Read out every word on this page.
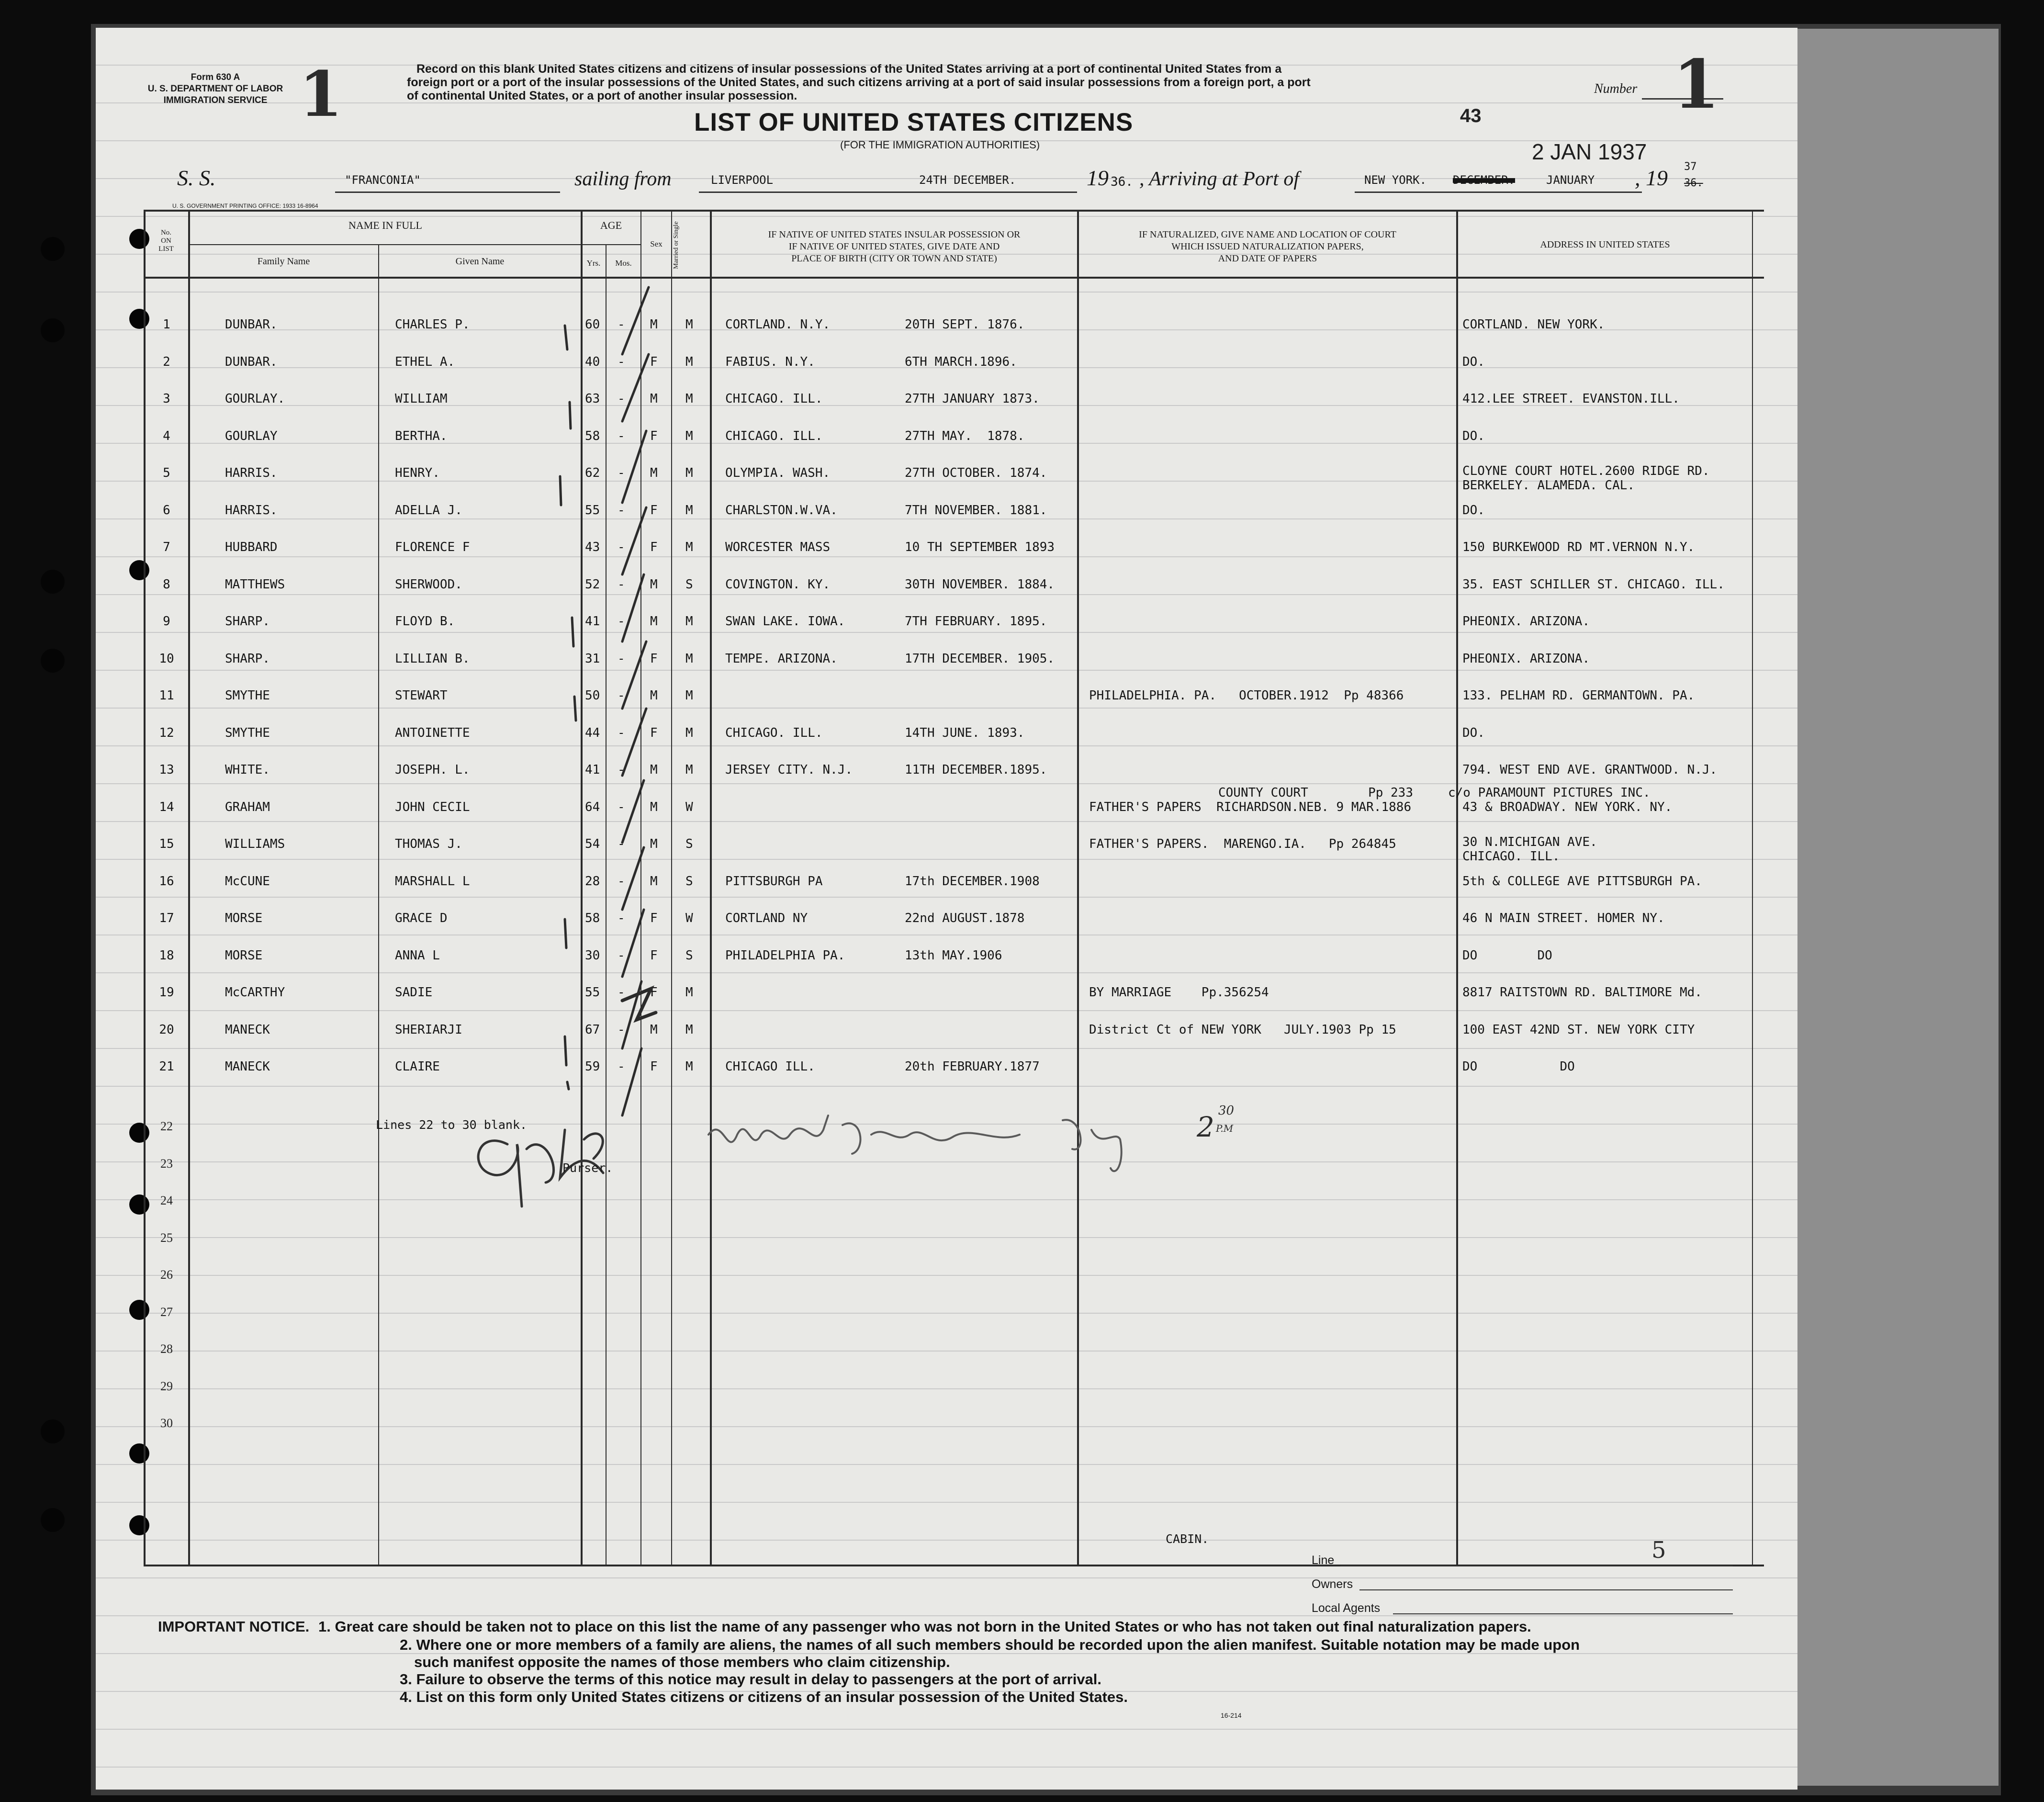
Form 630 A
U. S. DEPARTMENT OF LABOR
IMMIGRATION SERVICE 1	Record on this blank United States citizens and citizens of insular possessions of the United States arriving at a port of continental United States from a
foreign port or a port of the insular possessions of the United States, and such citizens arriving at a port of said insular possessions from a foreign port, a port
of continental United States, or a port of another insular possession.
LIST OF UNITED STATES CITIZENS
(FOR THE IMMIGRATION AUTHORITIES)
Number 1
43
2 JAN 1937
S. S.	"FRANCONIA"	sailing from	LIVERPOOL	24TH DECEMBER.	19 36. , Arriving at Port of	NEW YORK. DECEMBER.	JANUARY , 19 37
36.
U. S. GOVERNMENT PRINTING OFFICE: 1933 16-8964
No.
ON
LIST
NAME IN FULL
Family Name	Given Name
AGE
Yrs.	Mos.
Sex	Married or Single	IF NATIVE OF UNITED STATES INSULAR POSSESSION OR
IF NATIVE OF UNITED STATES, GIVE DATE AND
PLACE OF BIRTH (CITY OR TOWN AND STATE)
IF NATURALIZED, GIVE NAME AND LOCATION OF COURT
WHICH ISSUED NATURALIZATION PAPERS,
AND DATE OF PAPERS
ADDRESS IN UNITED STATES
1	DUNBAR.	CHARLES P.	60 - M M	CORTLAND. N.Y.	20TH SEPT. 1876.	CORTLAND. NEW YORK.
2	DUNBAR.	ETHEL A.	40 - F M	FABIUS. N.Y.	6TH MARCH.1896.	DO.
3	GOURLAY.	WILLIAM	63 - M M	CHICAGO. ILL.	27TH JANUARY 1873.	412.LEE STREET. EVANSTON.ILL.
4	GOURLAY	BERTHA.	58 - F M	CHICAGO. ILL.	27TH MAY.  1878.	DO.
5	HARRIS.	HENRY.	62 - M M	OLYMPIA. WASH.	27TH OCTOBER. 1874.	CLOYNE COURT HOTEL.2600 RIDGE RD.
BERKELEY. ALAMEDA. CAL.
6	HARRIS.	ADELLA J.	55 - F M	CHARLSTON.W.VA.	7TH NOVEMBER. 1881.	DO.
7	HUBBARD	FLORENCE F	43 - F M	WORCESTER MASS	10 TH SEPTEMBER 1893	150 BURKEWOOD RD MT.VERNON N.Y.
8	MATTHEWS	SHERWOOD.	52 - M S	COVINGTON. KY.	30TH NOVEMBER. 1884.	35. EAST SCHILLER ST. CHICAGO. ILL.
9	SHARP.	FLOYD B.	41 - M M	SWAN LAKE. IOWA.	7TH FEBRUARY. 1895.	PHEONIX. ARIZONA.
10	SHARP.	LILLIAN B.	31 - F M	TEMPE. ARIZONA.	17TH DECEMBER. 1905.	PHEONIX. ARIZONA.
11	SMYTHE	STEWART	50 - M M	PHILADELPHIA. PA.   OCTOBER.1912  Pp 48366	133. PELHAM RD. GERMANTOWN. PA.
12	SMYTHE	ANTOINETTE	44 - F M	CHICAGO. ILL.	14TH JUNE. 1893.	DO.
13	WHITE.	JOSEPH. L.	41 - M M	JERSEY CITY. N.J.	11TH DECEMBER.1895.	794. WEST END AVE. GRANTWOOD. N.J.
14	GRAHAM	JOHN CECIL	64 - M W	FATHER'S PAPERS  RICHARDSON.NEB. 9 MAR.1886	43 & BROADWAY. NEW YORK. NY.
COUNTY COURT        Pp 233	c/o PARAMOUNT PICTURES INC.
15	WILLIAMS	THOMAS J.	54 - M S	FATHER'S PAPERS.  MARENGO.IA.   Pp 264845	30 N.MICHIGAN AVE.
CHICAGO. ILL.
16	McCUNE	MARSHALL L	28 - M S	PITTSBURGH PA	17th DECEMBER.1908	5th & COLLEGE AVE PITTSBURGH PA.
17	MORSE	GRACE D	58 - F W	CORTLAND NY	22nd AUGUST.1878	46 N MAIN STREET. HOMER NY.
18	MORSE	ANNA L	30 - F S	PHILADELPHIA PA.	13th MAY.1906	DO        DO
19	McCARTHY	SADIE	55 - F M	BY MARRIAGE    Pp.356254	8817 RAITSTOWN RD. BALTIMORE Md.
20	MANECK	SHERIARJI	67 - M M	District Ct of NEW YORK   JULY.1903 Pp 15	100 EAST 42ND ST. NEW YORK CITY
21	MANECK	CLAIRE	59 - F M	CHICAGO ILL.	20th FEBRUARY.1877	DO           DO
22
23
24
25
26
27
28
29
30
2 30
P.M
Lines 22 to 30 blank.
Purser.
CABIN.
Line	5
Owners
Local Agents
IMPORTANT NOTICE. 1. Great care should be taken not to place on this list the name of any passenger who was not born in the United States or who has not taken out final naturalization papers.
2. Where one or more members of a family are aliens, the names of all such members should be recorded upon the alien manifest. Suitable notation may be made upon
such manifest opposite the names of those members who claim citizenship.
3. Failure to observe the terms of this notice may result in delay to passengers at the port of arrival.
4. List on this form only United States citizens or citizens of an insular possession of the United States.
16-214
